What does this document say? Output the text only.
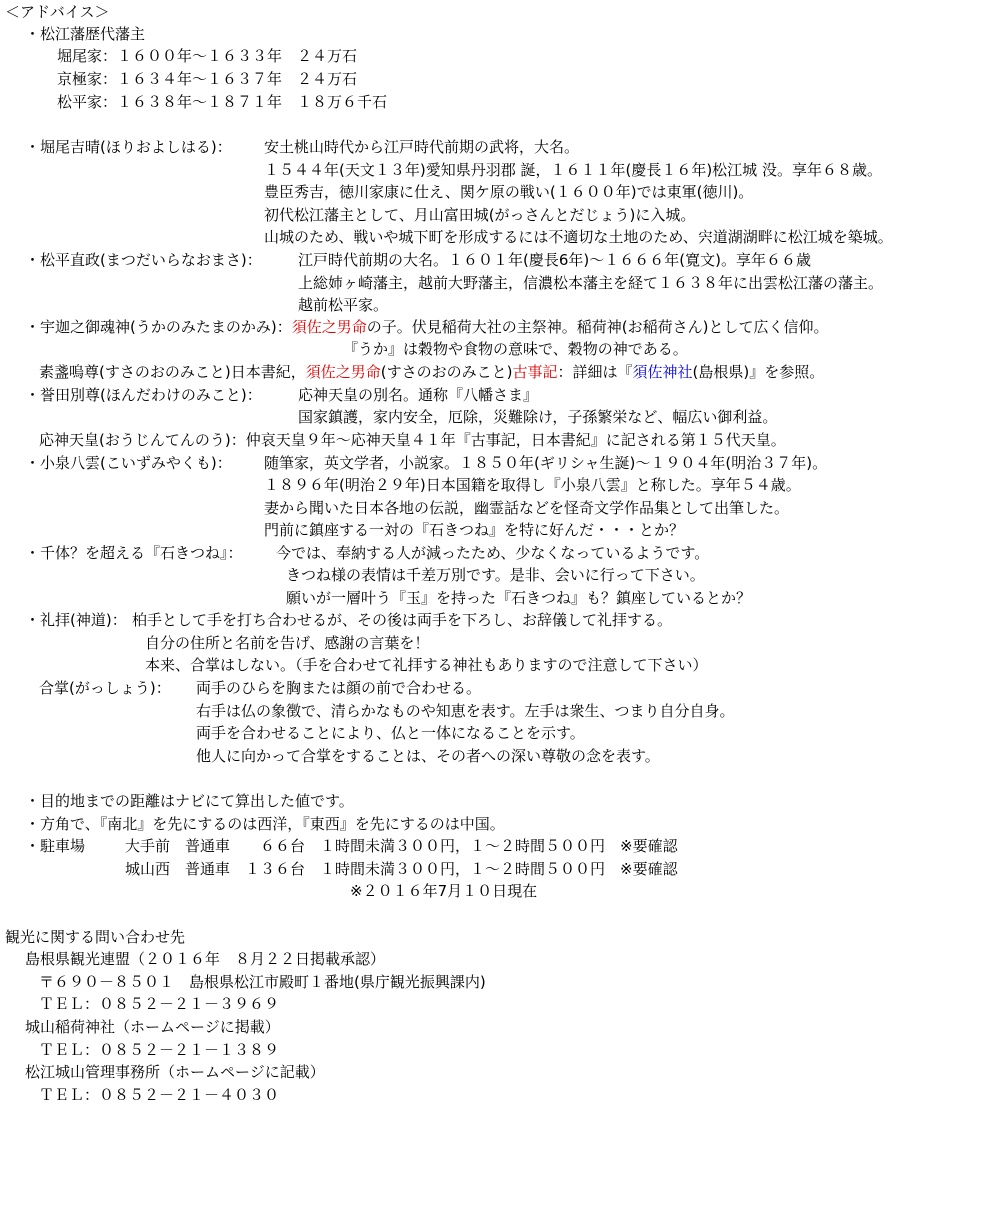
＜アドバイス＞
・松江藩歴代藩主
堀尾家：１６００年～１６３３年　２４万石
京極家：１６３４年～１６３７年　２４万石
松平家：１６３８年～１８７１年　１８万６千石
・堀尾吉晴(ほりおよしはる)： 安土桃山時代から江戸時代前期の武将，大名。
１５４４年(天文１３年)愛知県丹羽郡 誕，１６１１年(慶長１６年)松江城 没。享年６８歳。
豊臣秀吉，徳川家康に仕え、関ケ原の戦い(１６００年)では東軍(徳川)。
初代松江藩主として、月山富田城(がっさんとだじょう)に入城。
山城のため、戦いや城下町を形成するには不適切な土地のため、宍道湖湖畔に松江城を築城。
・松平直政(まつだいらなおまさ)： 江戸時代前期の大名。１６０１年(慶長6年)～１６６６年(寛文)。享年６６歳
上総姉ヶ崎藩主，越前大野藩主，信濃松本藩主を経て１６３８年に出雲松江藩の藩主。
越前松平家。
・宇迦之御魂神(うかのみたまのかみ)：須佐之男命の子。伏見稲荷大社の主祭神。稲荷神(お稲荷さん)として広く信仰。
『うか』は穀物や食物の意味で、穀物の神である。
素盞嗚尊(すさのおのみこと)日本書紀，須佐之男命(すさのおのみこと)古事記：詳細は『須佐神社(島根県)』を参照。
・誉田別尊(ほんだわけのみこと)： 応神天皇の別名。通称『八幡さま』
国家鎮護，家内安全，厄除，災難除け，子孫繁栄など、幅広い御利益。
応神天皇(おうじんてんのう)：仲哀天皇９年～応神天皇４１年『古事記，日本書紀』に記される第１５代天皇。
・小泉八雲(こいずみやくも)： 随筆家，英文学者，小説家。１８５０年(ギリシャ生誕)～１９０４年(明治３７年)。
１８９６年(明治２９年)日本国籍を取得し『小泉八雲』と称した。享年５４歳。
妻から聞いた日本各地の伝説，幽霊話などを怪奇文学作品集として出筆した。
門前に鎮座する一対の『石きつね』を特に好んだ・・・とか？
・千体？を超える『石きつね』： 今では、奉納する人が減ったため、少なくなっているようです。
きつね様の表情は千差万別です。是非、会いに行って下さい。
願いが一層叶う『玉』を持った『石きつね』も？鎮座しているとか？
・礼拝(神道)： 柏手として手を打ち合わせるが、その後は両手を下ろし、お辞儀して礼拝する。
自分の住所と名前を告げ、感謝の言葉を！
本来、合掌はしない。（手を合わせて礼拝する神社もありますので注意して下さい）
合掌(がっしょう)： 両手のひらを胸または顔の前で合わせる。
右手は仏の象徴で、清らかなものや知恵を表す。左手は衆生、つまり自分自身。
両手を合わせることにより、仏と一体になることを示す。
他人に向かって合掌をすることは、その者への深い尊敬の念を表す。
・目的地までの距離はナビにて算出した値です。
・方角で、『南北』を先にするのは西洋，『東西』を先にするのは中国。
・駐車場	大手前　普通車　　６６台　１時間未満３００円，１～２時間５００円　※要確認
城山西　普通車　１３６台　１時間未満３００円，１～２時間５００円　※要確認
※２０１６年7月１０日現在
観光に関する問い合わせ先
島根県観光連盟（２０１６年　８月２２日掲載承認）
〒６９０－８５０１　島根県松江市殿町１番地(県庁観光振興課内)
ＴＥＬ：０８５２－２１－３９６９
城山稲荷神社（ホームページに掲載）
ＴＥＬ：０８５２－２１－１３８９
松江城山管理事務所（ホームページに記載）
ＴＥＬ：０８５２－２１－４０３０
